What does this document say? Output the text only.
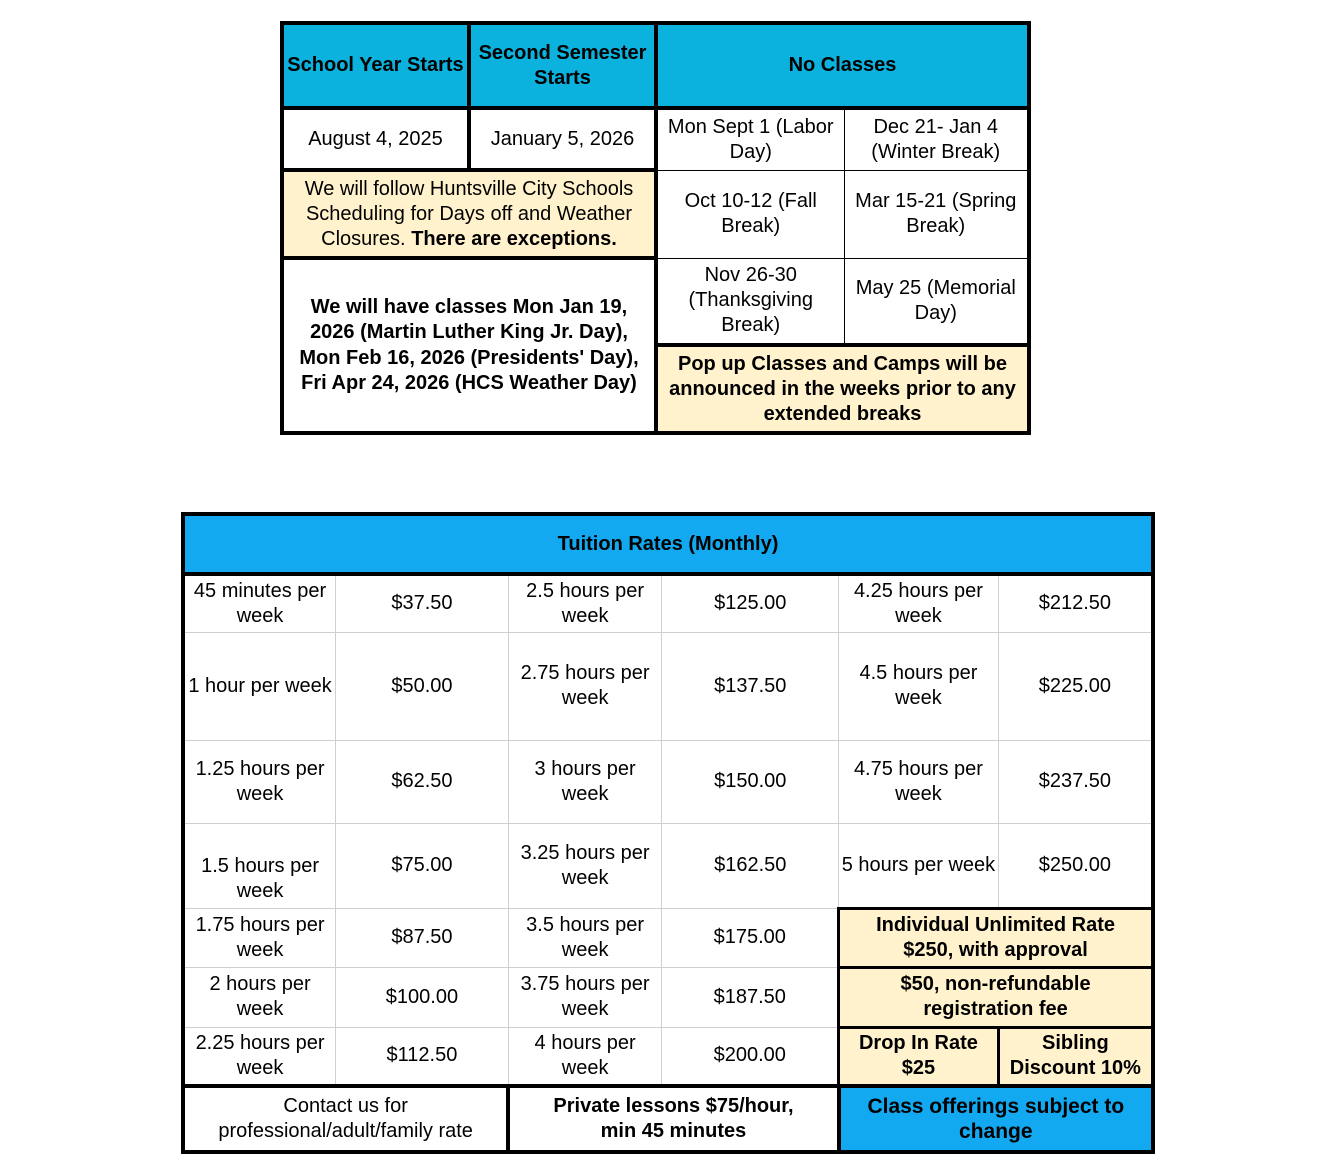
School Year Starts	Second Semester Starts	No Classes	
August 4, 2025	January 5, 2026	Mon Sept 1 (Labor Day)	Dec 21- Jan 4 (Winter Break)
We will follow Huntsville City Schools Scheduling for Days off and Weather Closures. There are exceptions.		Oct 10-12 (Fall Break)	Mar 15-21 (Spring Break)
We will have classes Mon Jan 19, 2026 (Martin Luther King Jr. Day), Mon Feb 16, 2026 (Presidents' Day), Fri Apr 24, 2026 (HCS Weather Day)		Nov 26-30 (Thanksgiving Break)	May 25 (Memorial Day)
		Pop up Classes and Camps will be announced in the weeks prior to any extended breaks	
Tuition Rates (Monthly)					
45 minutes per week	$37.50	2.5 hours per week	$125.00	4.25 hours per week	$212.50
1 hour per week	$50.00	2.75 hours per week	$137.50	4.5 hours per week	$225.00
1.25 hours per week	$62.50	3 hours per week	$150.00	4.75 hours per week	$237.50
1.5 hours per week	$75.00	3.25 hours per week	$162.50	5 hours per week	$250.00
1.75 hours per week	$87.50	3.5 hours per week	$175.00	Individual Unlimited Rate $250, with approval	
2 hours per week	$100.00	3.75 hours per week	$187.50	$50, non-refundable registration fee	
2.25 hours per week	$112.50	4 hours per week	$200.00	Drop In Rate $25	Sibling Discount 10%
Contact us for professional/adult/family rate		Private lessons $75/hour, min 45 minutes		Class offerings subject to change	
